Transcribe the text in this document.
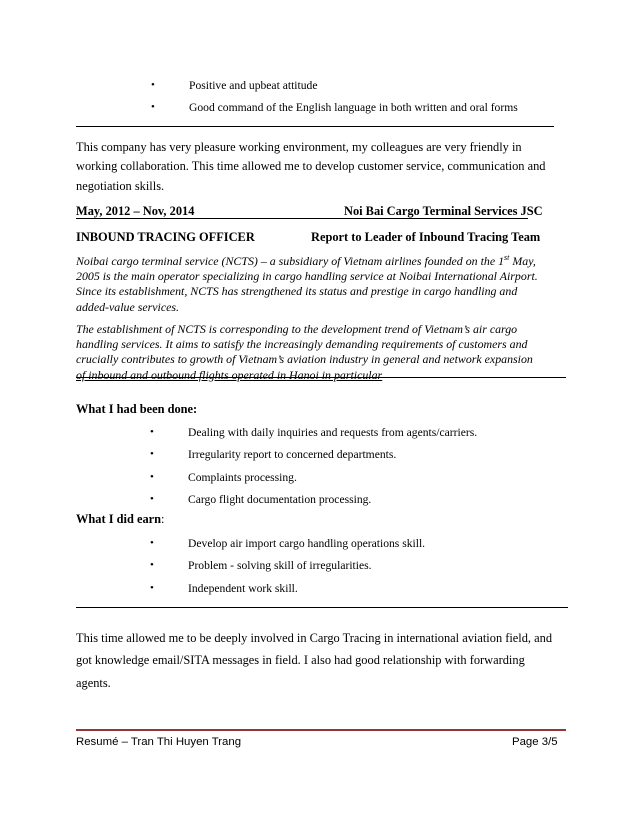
•	Positive and upbeat attitude
•	Good command of the English language in both written and oral forms
This company has very pleasure working environment, my colleagues are very friendly in
working collaboration. This time allowed me to develop customer service, communication and
negotiation skills.
May, 2012 – Nov, 2014	Noi Bai Cargo Terminal Services JSC
INBOUND TRACING OFFICER	Report to Leader of Inbound Tracing Team
Noibai cargo terminal service (NCTS) – a subsidiary of Vietnam airlines founded on the 1st May,
2005 is the main operator specializing in cargo handling service at Noibai International Airport.
Since its establishment, NCTS has strengthened its status and prestige in cargo handling and
added-value services.
The establishment of NCTS is corresponding to the development trend of Vietnam’s air cargo
handling services. It aims to satisfy the increasingly demanding requirements of customers and
crucially contributes to growth of Vietnam’s aviation industry in general and network expansion
of inbound and outbound flights operated in Hanoi in particular
What I had been done:
•	Dealing with daily inquiries and requests from agents/carriers.
•	Irregularity report to concerned departments.
•	Complaints processing.
•	Cargo flight documentation processing.
What I did earn:
•	Develop air import cargo handling operations skill.
•	Problem - solving skill of irregularities.
•	Independent work skill.
This time allowed me to be deeply involved in Cargo Tracing in international aviation field, and
got knowledge email/SITA messages in field. I also had good relationship with forwarding
agents.
Resumé – Tran Thi Huyen Trang	Page 3/5
